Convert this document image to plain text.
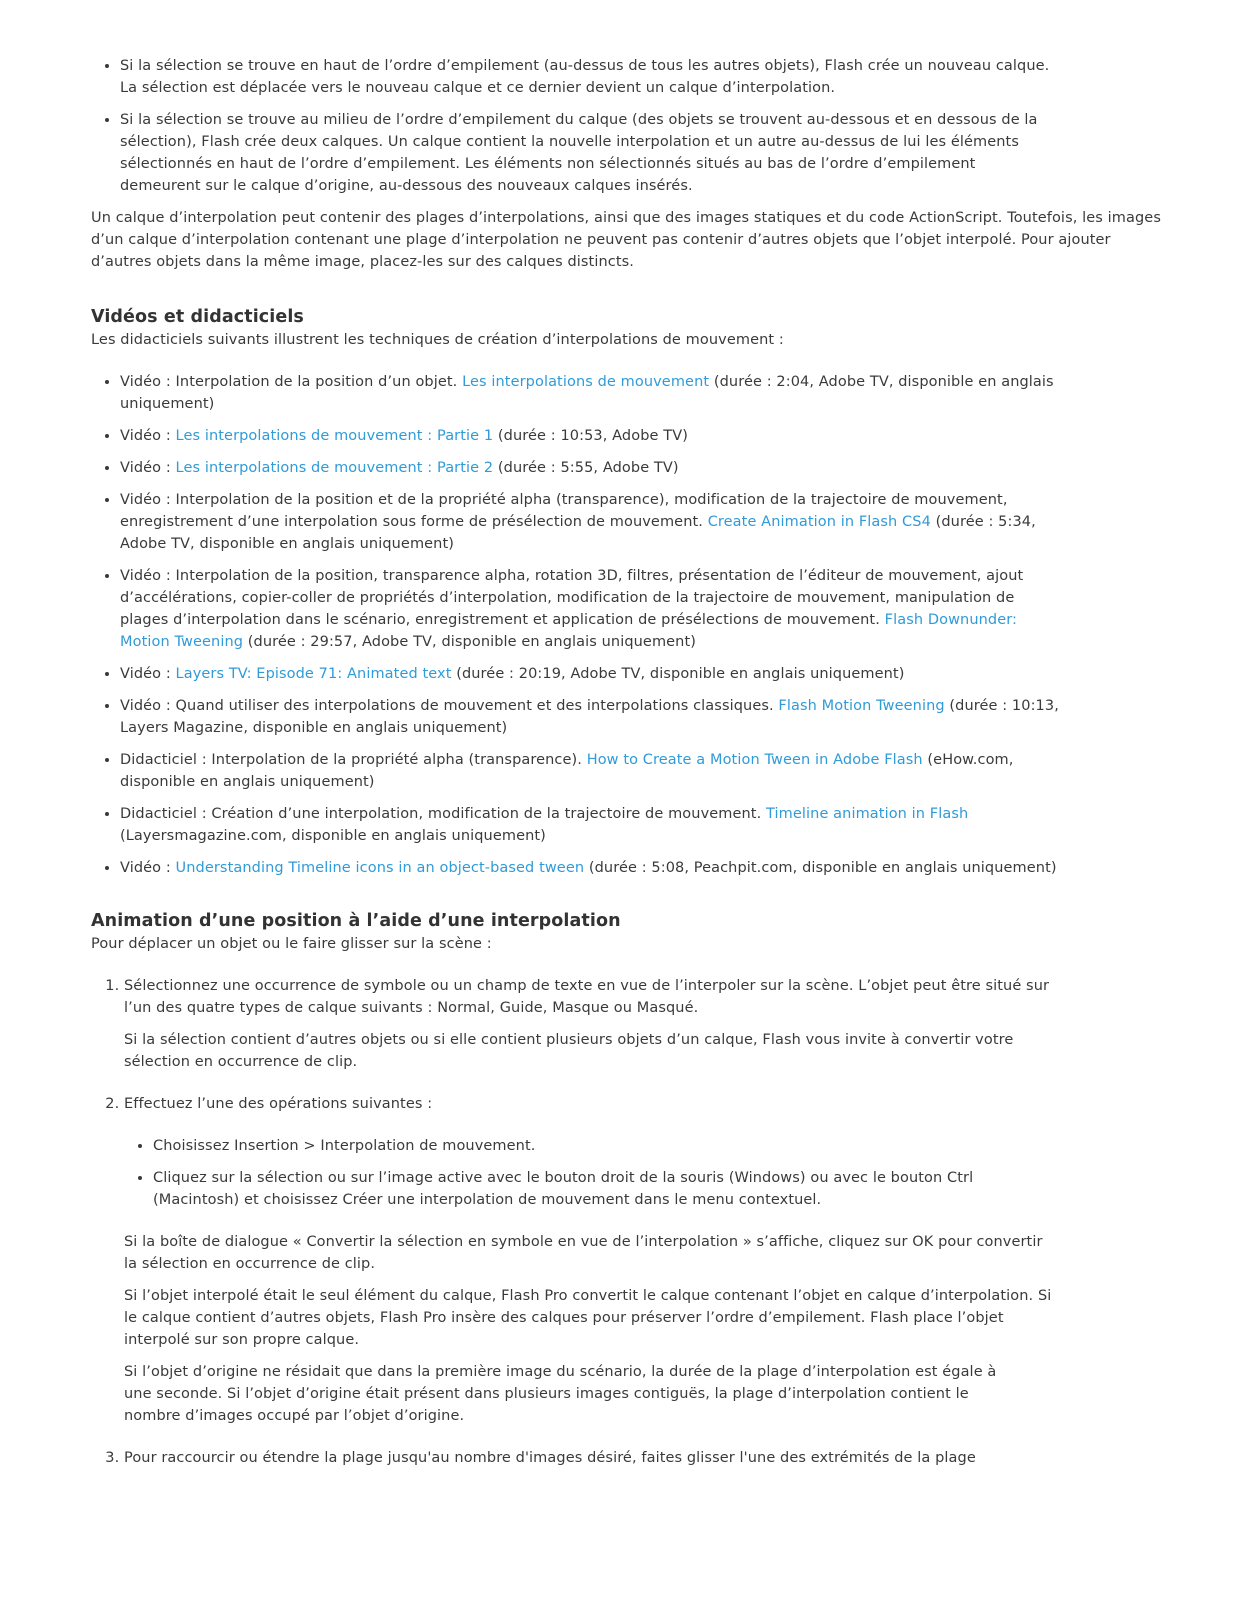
• Si la sélection se trouve en haut de l’ordre d’empilement (au-dessus de tous les autres objets), Flash crée un nouveau calque. La sélection est déplacée vers le nouveau calque et ce dernier devient un calque d’interpolation.
• Si la sélection se trouve au milieu de l’ordre d’empilement du calque (des objets se trouvent au-dessous et en dessous de la sélection), Flash crée deux calques. Un calque contient la nouvelle interpolation et un autre au-dessus de lui les éléments sélectionnés en haut de l’ordre d’empilement. Les éléments non sélectionnés situés au bas de l’ordre d’empilement demeurent sur le calque d’origine, au-dessous des nouveaux calques insérés.

Un calque d’interpolation peut contenir des plages d’interpolations, ainsi que des images statiques et du code ActionScript. Toutefois, les images d’un calque d’interpolation contenant une plage d’interpolation ne peuvent pas contenir d’autres objets que l’objet interpolé. Pour ajouter d’autres objets dans la même image, placez-les sur des calques distincts.

Vidéos et didacticiels

Les didacticiels suivants illustrent les techniques de création d’interpolations de mouvement :

• Vidéo : Interpolation de la position d’un objet. Les interpolations de mouvement (durée : 2:04, Adobe TV, disponible en anglais uniquement)
• Vidéo : Les interpolations de mouvement : Partie 1 (durée : 10:53, Adobe TV)
• Vidéo : Les interpolations de mouvement : Partie 2 (durée : 5:55, Adobe TV)
• Vidéo : Interpolation de la position et de la propriété alpha (transparence), modification de la trajectoire de mouvement, enregistrement d’une interpolation sous forme de présélection de mouvement. Create Animation in Flash CS4 (durée : 5:34, Adobe TV, disponible en anglais uniquement)
• Vidéo : Interpolation de la position, transparence alpha, rotation 3D, filtres, présentation de l’éditeur de mouvement, ajout d’accélérations, copier-coller de propriétés d’interpolation, modification de la trajectoire de mouvement, manipulation de plages d’interpolation dans le scénario, enregistrement et application de présélections de mouvement. Flash Downunder: Motion Tweening (durée : 29:57, Adobe TV, disponible en anglais uniquement)
• Vidéo : Layers TV: Episode 71: Animated text (durée : 20:19, Adobe TV, disponible en anglais uniquement)
• Vidéo : Quand utiliser des interpolations de mouvement et des interpolations classiques. Flash Motion Tweening (durée : 10:13, Layers Magazine, disponible en anglais uniquement)
• Didacticiel : Interpolation de la propriété alpha (transparence). How to Create a Motion Tween in Adobe Flash (eHow.com, disponible en anglais uniquement)
• Didacticiel : Création d’une interpolation, modification de la trajectoire de mouvement. Timeline animation in Flash (Layersmagazine.com, disponible en anglais uniquement)
• Vidéo : Understanding Timeline icons in an object-based tween (durée : 5:08, Peachpit.com, disponible en anglais uniquement)
Animation d’une position à l’aide d’une interpolation

Pour déplacer un objet ou le faire glisser sur la scène :

1. Sélectionnez une occurrence de symbole ou un champ de texte en vue de l’interpoler sur la scène. L’objet peut être situé sur l’un des quatre types de calque suivants : Normal, Guide, Masque ou Masqué.
Si la sélection contient d’autres objets ou si elle contient plusieurs objets d’un calque, Flash vous invite à convertir votre sélection en occurrence de clip.
2. Effectuez l’une des opérations suivantes :
• Choisissez Insertion > Interpolation de mouvement.
• Cliquez sur la sélection ou sur l’image active avec le bouton droit de la souris (Windows) ou avec le bouton Ctrl (Macintosh) et choisissez Créer une interpolation de mouvement dans le menu contextuel.
Si la boîte de dialogue « Convertir la sélection en symbole en vue de l’interpolation » s’affiche, cliquez sur OK pour convertir la sélection en occurrence de clip.
Si l’objet interpolé était le seul élément du calque, Flash Pro convertit le calque contenant l’objet en calque d’interpolation. Si le calque contient d’autres objets, Flash Pro insère des calques pour préserver l’ordre d’empilement. Flash place l’objet interpolé sur son propre calque.
Si l’objet d’origine ne résidait que dans la première image du scénario, la durée de la plage d’interpolation est égale à une seconde. Si l’objet d’origine était présent dans plusieurs images contiguës, la plage d’interpolation contient le nombre d’images occupé par l’objet d’origine.
3. Pour raccourcir ou étendre la plage jusqu'au nombre d'images désiré, faites glisser l'une des extrémités de la plage
